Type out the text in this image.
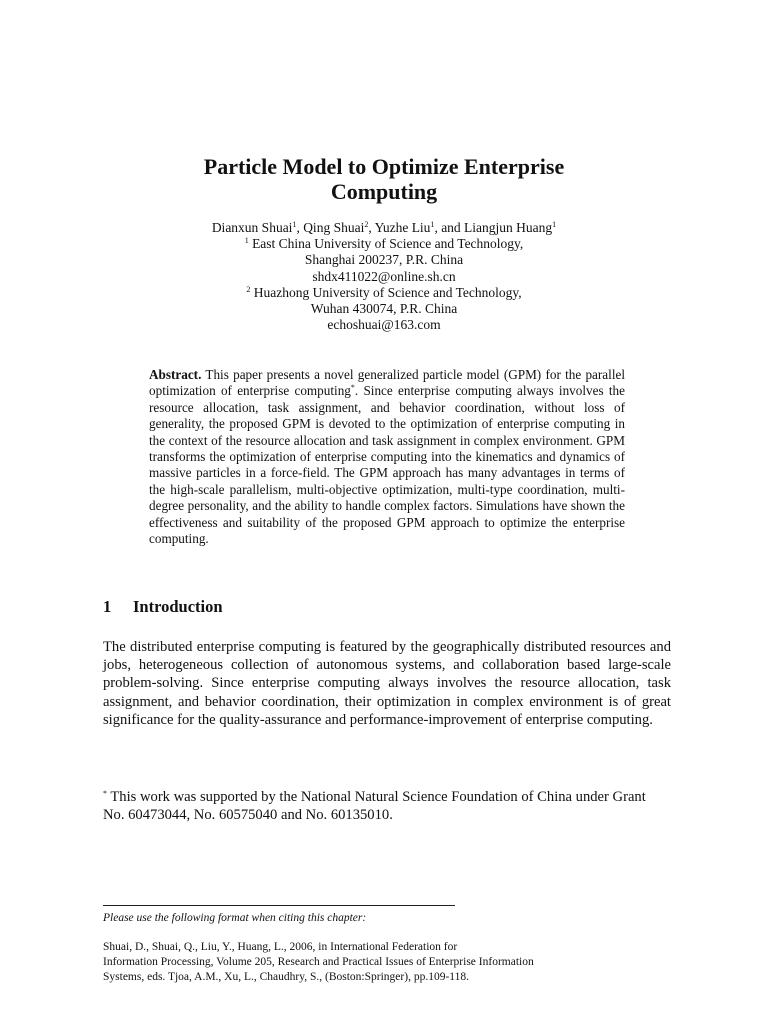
Particle Model to Optimize Enterprise
Computing
Dianxun Shuai$^1$, Qing Shuai$^2$, Yuzhe Liu$^1$, and Liangjun Huang$^1$
$^1$ East China University of Science and Technology,
Shanghai 200237, P.R. China
shdx411022@online.sh.cn
$^2$ Huazhong University of Science and Technology,
Wuhan 430074, P.R. China
echoshuai@163.com
Abstract. This paper presents a novel generalized particle model (GPM) for the parallel optimization of enterprise computing*. Since enterprise computing always involves the resource allocation, task assignment, and behavior coordination, without loss of generality, the proposed GPM is devoted to the optimization of enterprise computing in the context of the resource allocation and task assignment in complex environment. GPM transforms the optimization of enterprise computing into the kinematics and dynamics of massive particles in a force-field. The GPM approach has many advantages in terms of the high-scale parallelism, multi-objective optimization, multi-type coordination, multi-degree personality, and the ability to handle complex factors. Simulations have shown the effectiveness and suitability of the proposed GPM approach to optimize the enterprise computing.
1 Introduction
The distributed enterprise computing is featured by the geographically distributed resources and jobs, heterogeneous collection of autonomous systems, and collaboration based large-scale problem-solving. Since enterprise computing always involves the resource allocation, task assignment, and behavior coordination, their optimization in complex environment is of great significance for the quality-assurance and performance-improvement of enterprise computing.
* This work was supported by the National Natural Science Foundation of China under Grant No. 60473044, No. 60575040 and No. 60135010.
Please use the following format when citing this chapter:
Shuai, D., Shuai, Q., Liu, Y., Huang, L., 2006, in International Federation for
Information Processing, Volume 205, Research and Practical Issues of Enterprise Information
Systems, eds. Tjoa, A.M., Xu, L., Chaudhry, S., (Boston:Springer), pp.109-118.
